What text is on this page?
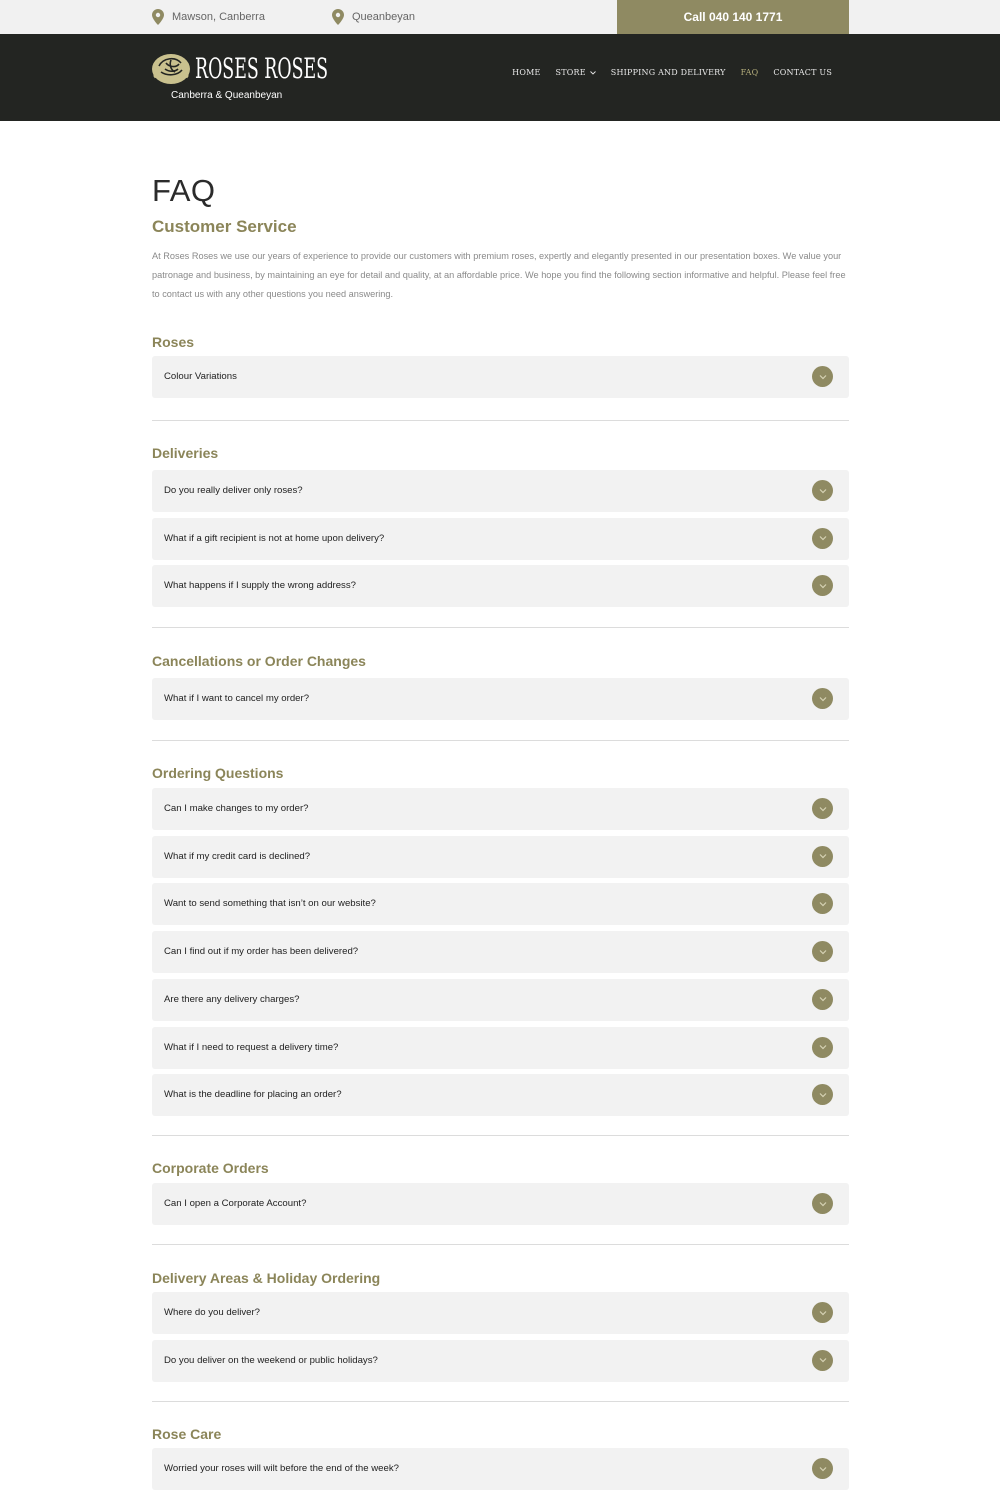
Mawson, Canberra	Queanbeyan	Call 040 140 1771
ROSES ROSES
Canberra & Queanbeyan
HOME STORE	SHIPPING AND DELIVERY FAQ CONTACT US
FAQ
Customer Service

At Roses Roses we use our years of experience to provide our customers with premium roses, expertly and elegantly presented in our presentation boxes. We value your patronage and business, by maintaining an eye for detail and quality, at an affordable price. We hope you find the following section informative and helpful. Please feel free to contact us with any other questions you need answering.

Roses
Colour Variations
Deliveries
Do you really deliver only roses?
What if a gift recipient is not at home upon delivery?
What happens if I supply the wrong address?
Cancellations or Order Changes
What if I want to cancel my order?
Ordering Questions
Can I make changes to my order?
What if my credit card is declined?
Want to send something that isn’t on our website?
Can I find out if my order has been delivered?
Are there any delivery charges?
What if I need to request a delivery time?
What is the deadline for placing an order?
Corporate Orders
Can I open a Corporate Account?
Delivery Areas & Holiday Ordering
Where do you deliver?
Do you deliver on the weekend or public holidays?
Rose Care
Worried your roses will wilt before the end of the week?
